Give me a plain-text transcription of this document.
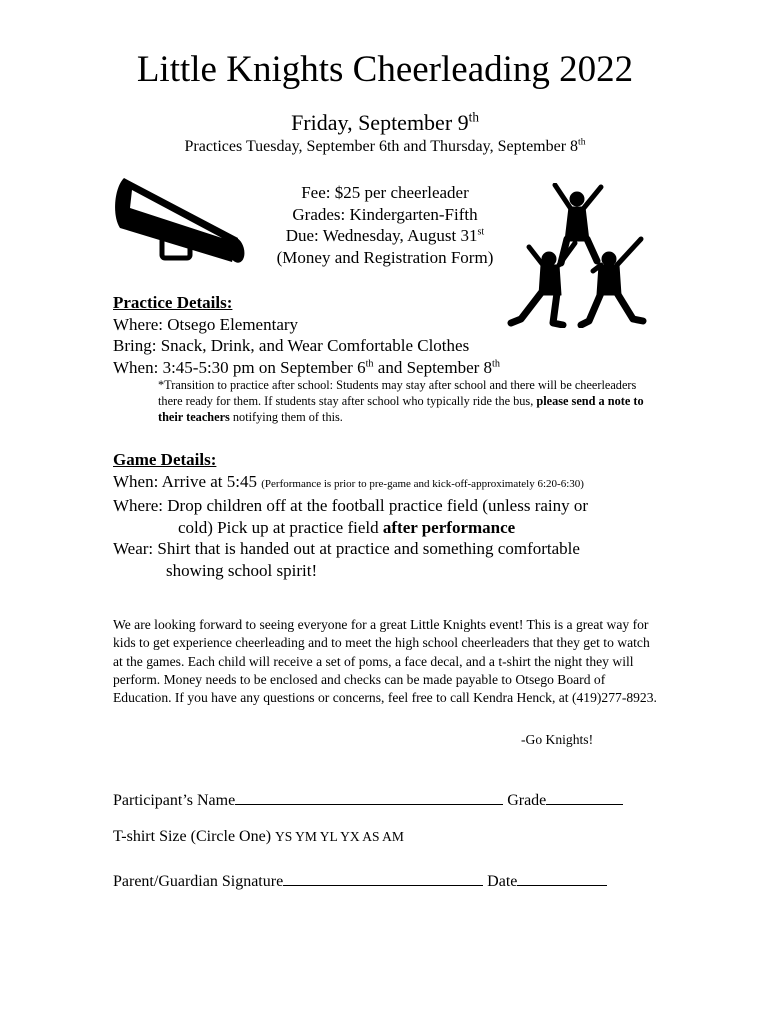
Little Knights Cheerleading 2022
Friday, September 9th
Practices Tuesday, September 6th and Thursday, September 8th
Fee: $25 per cheerleader
Grades: Kindergarten-Fifth
Due: Wednesday, August 31st
(Money and Registration Form)
Practice Details:
Where: Otsego Elementary
Bring: Snack, Drink, and Wear Comfortable Clothes
When: 3:45-5:30 pm on September 6th and September 8th
*Transition to practice after school: Students may stay after school and there will be cheerleaders there ready for them. If students stay after school who typically ride the bus, please send a note to their teachers notifying them of this.
Game Details:
When: Arrive at 5:45 (Performance is prior to pre-game and kick-off-approximately 6:20-6:30)
Where: Drop children off at the football practice field (unless rainy or
cold) Pick up at practice field after performance
Wear: Shirt that is handed out at practice and something comfortable
showing school spirit!
We are looking forward to seeing everyone for a great Little Knights event! This is a great way for kids to get experience cheerleading and to meet the high school cheerleaders that they get to watch at the games. Each child will receive a set of poms, a face decal, and a t-shirt the night they will perform. Money needs to be enclosed and checks can be made payable to Otsego Board of Education. If you have any questions or concerns, feel free to call Kendra Henck, at (419)277-8923.
-Go Knights!
Participant’s Name	Grade
T-shirt Size (Circle One) YS YM YL YX AS AM
Parent/Guardian Signature	Date
